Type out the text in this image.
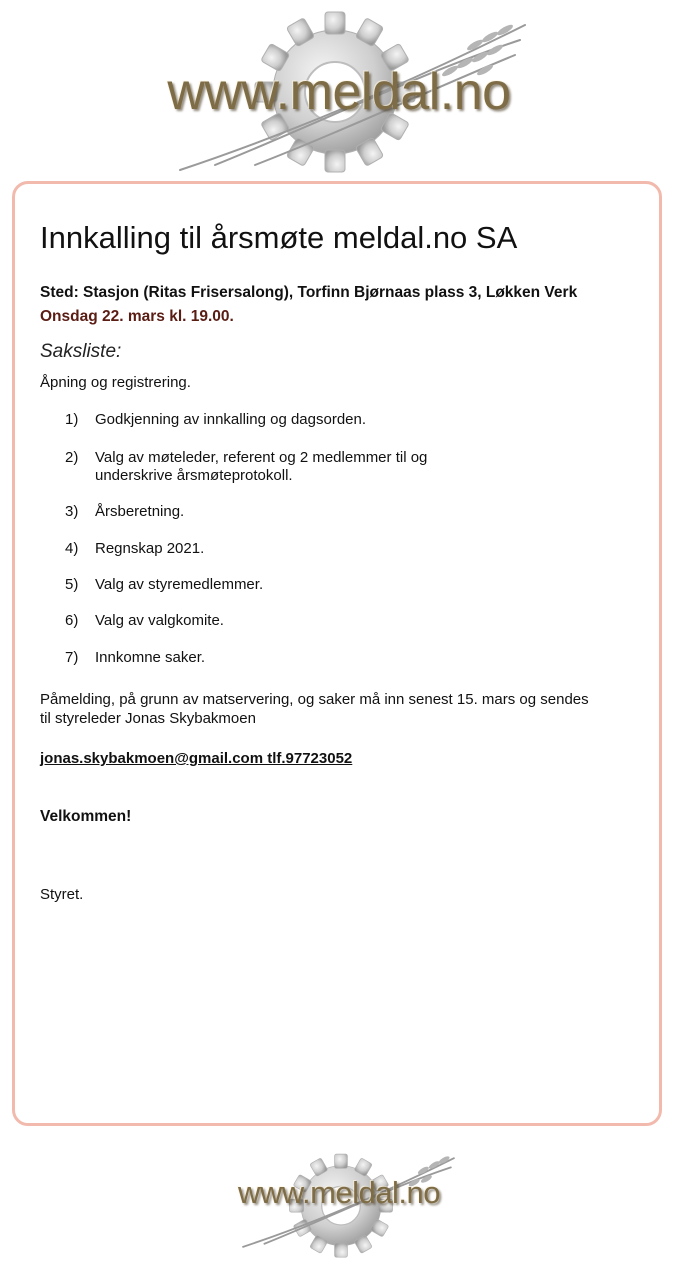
www.meldal.no
Innkalling til årsmøte meldal.no SA
Sted: Stasjon (Ritas Frisersalong), Torfinn Bjørnaas plass 3, Løkken Verk
Onsdag 22. mars kl. 19.00.
Saksliste:
Åpning og registrering.
1) Godkjenning av innkalling og dagsorden.
2) Valg av møteleder, referent og 2 medlemmer til og underskrive årsmøteprotokoll.
3) Årsberetning.
4) Regnskap 2021.
5) Valg av styremedlemmer.
6) Valg av valgkomite.
7) Innkomne saker.
Påmelding, på grunn av matservering, og saker må inn senest 15. mars og sendes til styreleder Jonas Skybakmoen
jonas.skybakmoen@gmail.com tlf.97723052
Velkommen!
Styret.
www.meldal.no
